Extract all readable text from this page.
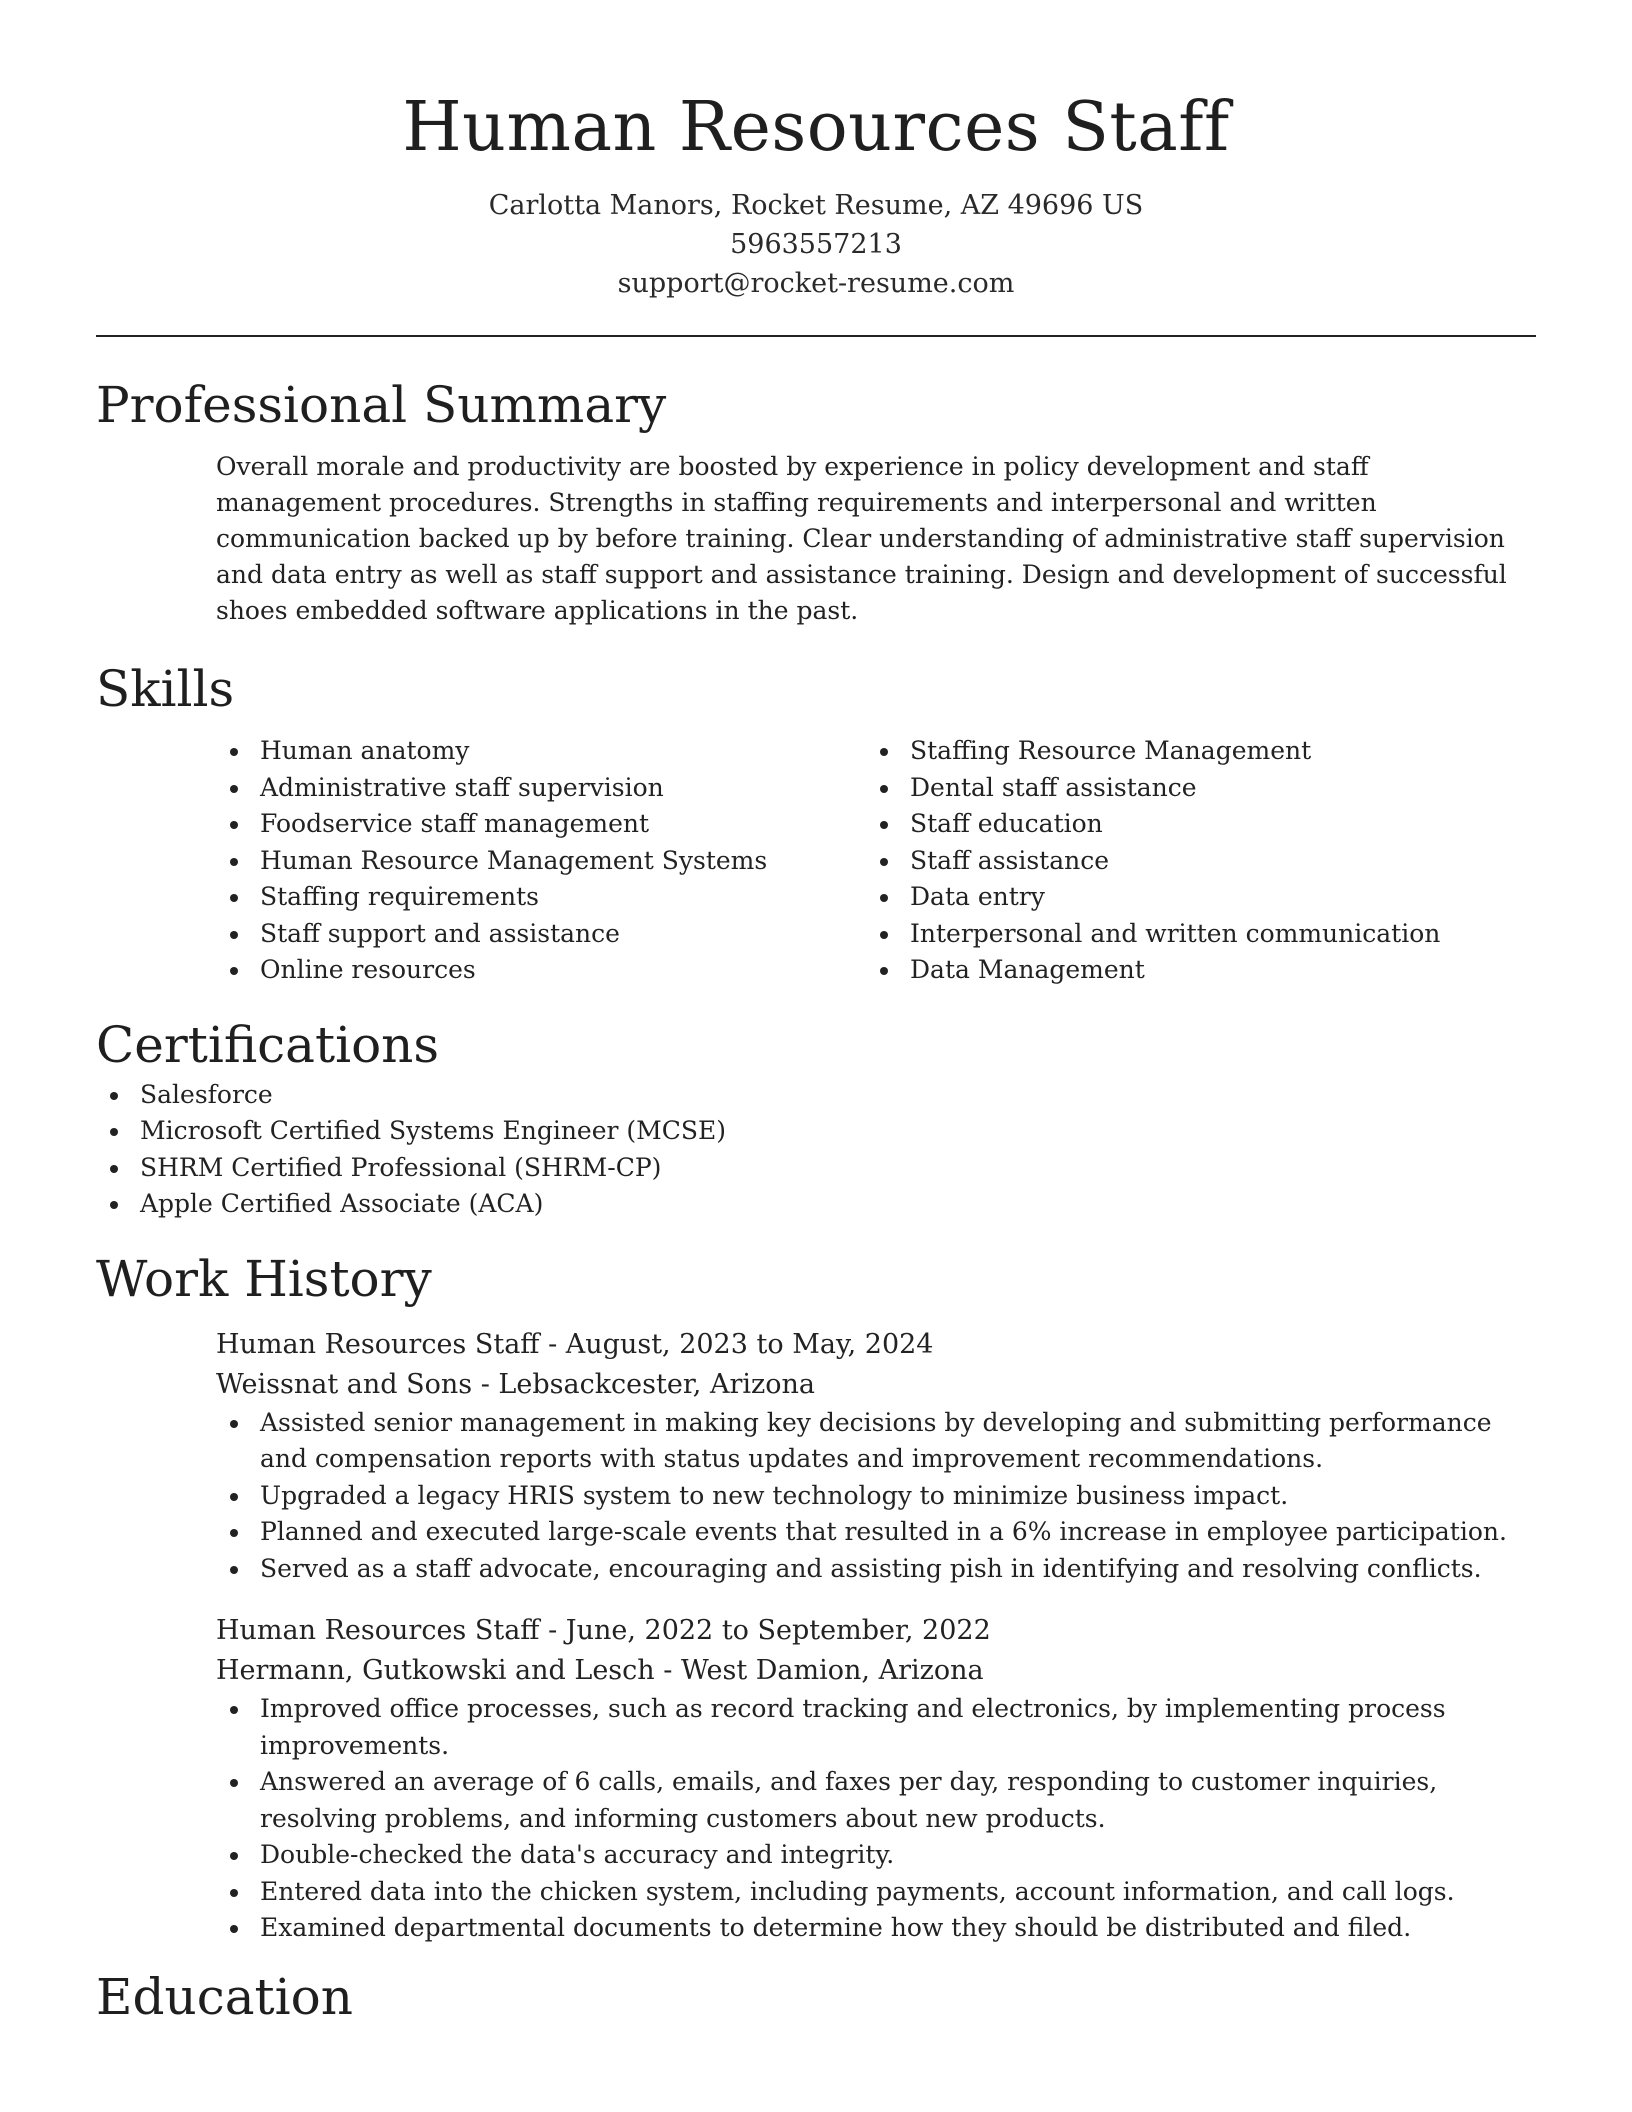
Human Resources Staff
Carlotta Manors, Rocket Resume, AZ 49696 US
5963557213
support@rocket-resume.com
Professional Summary

Overall morale and productivity are boosted by experience in policy development and staff management procedures. Strengths in staffing requirements and interpersonal and written communication backed up by before training. Clear understanding of administrative staff supervision and data entry as well as staff support and assistance training. Design and development of successful shoes embedded software applications in the past.

Skills
Human anatomy
Administrative staff supervision
Foodservice staff management
Human Resource Management Systems
Staffing requirements
Staff support and assistance
Online resources
Staffing Resource Management
Dental staff assistance
Staff education
Staff assistance
Data entry
Interpersonal and written communication
Data Management
Certifications
Salesforce
Microsoft Certified Systems Engineer (MCSE)
SHRM Certified Professional (SHRM-CP)
Apple Certified Associate (ACA)
Work History
Human Resources Staff - August, 2023 to May, 2024
Weissnat and Sons - Lebsackcester, Arizona
Assisted senior management in making key decisions by developing and submitting performance and compensation reports with status updates and improvement recommendations.
Upgraded a legacy HRIS system to new technology to minimize business impact.
Planned and executed large-scale events that resulted in a 6% increase in employee participation.
Served as a staff advocate, encouraging and assisting pish in identifying and resolving conflicts.
Human Resources Staff - June, 2022 to September, 2022
Hermann, Gutkowski and Lesch - West Damion, Arizona
Improved office processes, such as record tracking and electronics, by implementing process improvements.
Answered an average of 6 calls, emails, and faxes per day, responding to customer inquiries, resolving problems, and informing customers about new products.
Double-checked the data's accuracy and integrity.
Entered data into the chicken system, including payments, account information, and call logs.
Examined departmental documents to determine how they should be distributed and filed.
Education
